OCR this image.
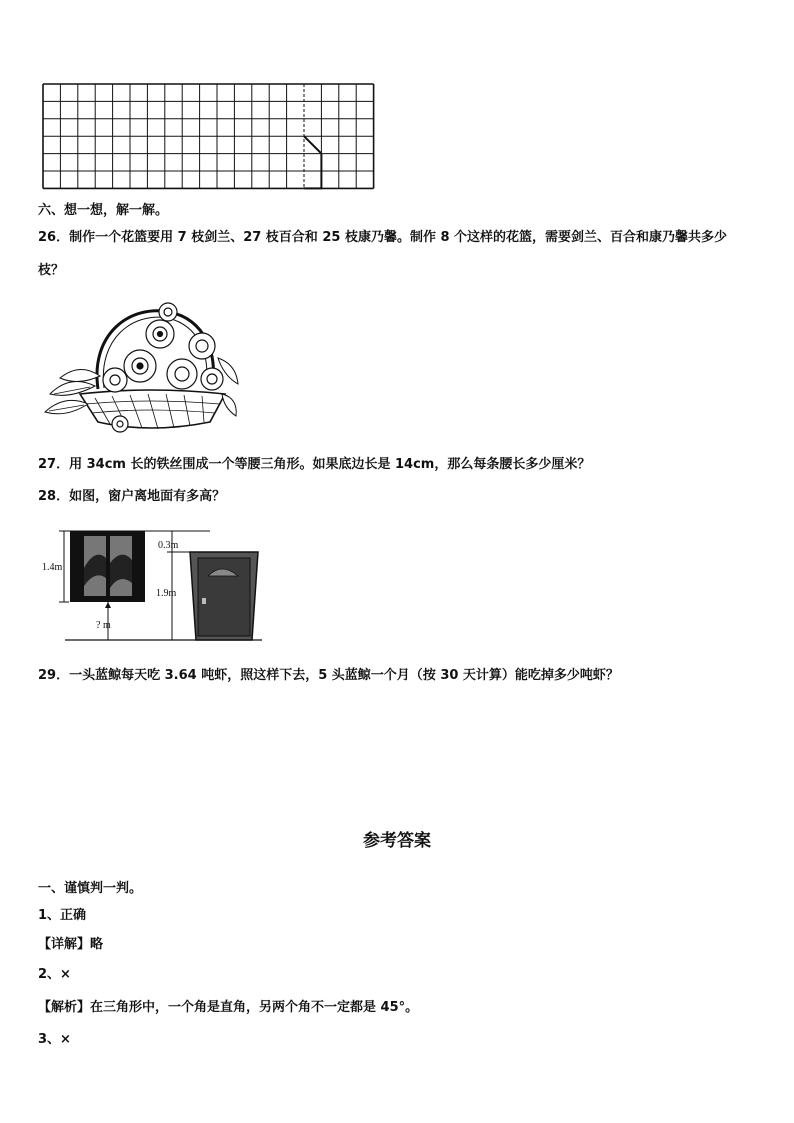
六、想一想，解一解。
26．制作一个花篮要用 7 枝剑兰、27 枝百合和 25 枝康乃馨。制作 8 个这样的花篮，需要剑兰、百合和康乃馨共多少
枝？
27．用 34cm 长的铁丝围成一个等腰三角形。如果底边长是 14cm，那么每条腰长多少厘米？
28．如图，窗户离地面有多高？
1.4m
? m
0.3m
1.9m
29．一头蓝鲸每天吃 3.64 吨虾，照这样下去，5 头蓝鲸一个月（按 30 天计算）能吃掉多少吨虾？
参考答案
一、谨慎判一判。
1、正确
【详解】略
2、×
【解析】在三角形中，一个角是直角，另两个角不一定都是 45°。
3、×
